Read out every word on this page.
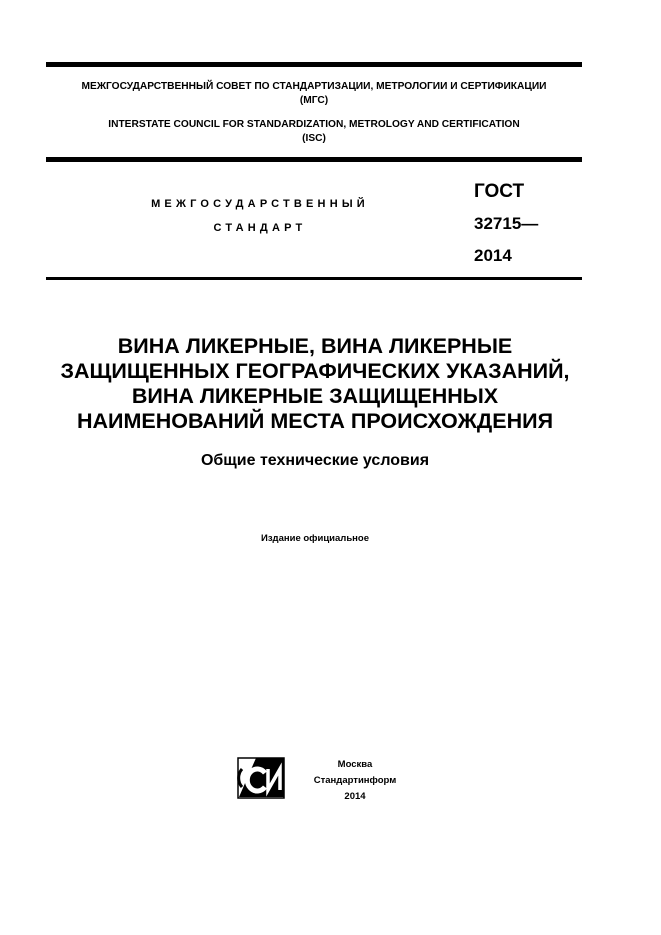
МЕЖГОСУДАРСТВЕННЫЙ СОВЕТ ПО СТАНДАРТИЗАЦИИ, МЕТРОЛОГИИ И СЕРТИФИКАЦИИ
(МГС)
INTERSTATE COUNCIL FOR STANDARDIZATION, METROLOGY AND CERTIFICATION
(ISC)
МЕЖГОСУДАРСТВЕННЫЙ
СТАНДАРТ
ГОСТ
32715—
2014
ВИНА ЛИКЕРНЫЕ, ВИНА ЛИКЕРНЫЕ
ЗАЩИЩЕННЫХ ГЕОГРАФИЧЕСКИХ УКАЗАНИЙ,
ВИНА ЛИКЕРНЫЕ ЗАЩИЩЕННЫХ
НАИМЕНОВАНИЙ МЕСТА ПРОИСХОЖДЕНИЯ
Общие технические условия
Издание официальное
Москва
Стандартинформ
2014
